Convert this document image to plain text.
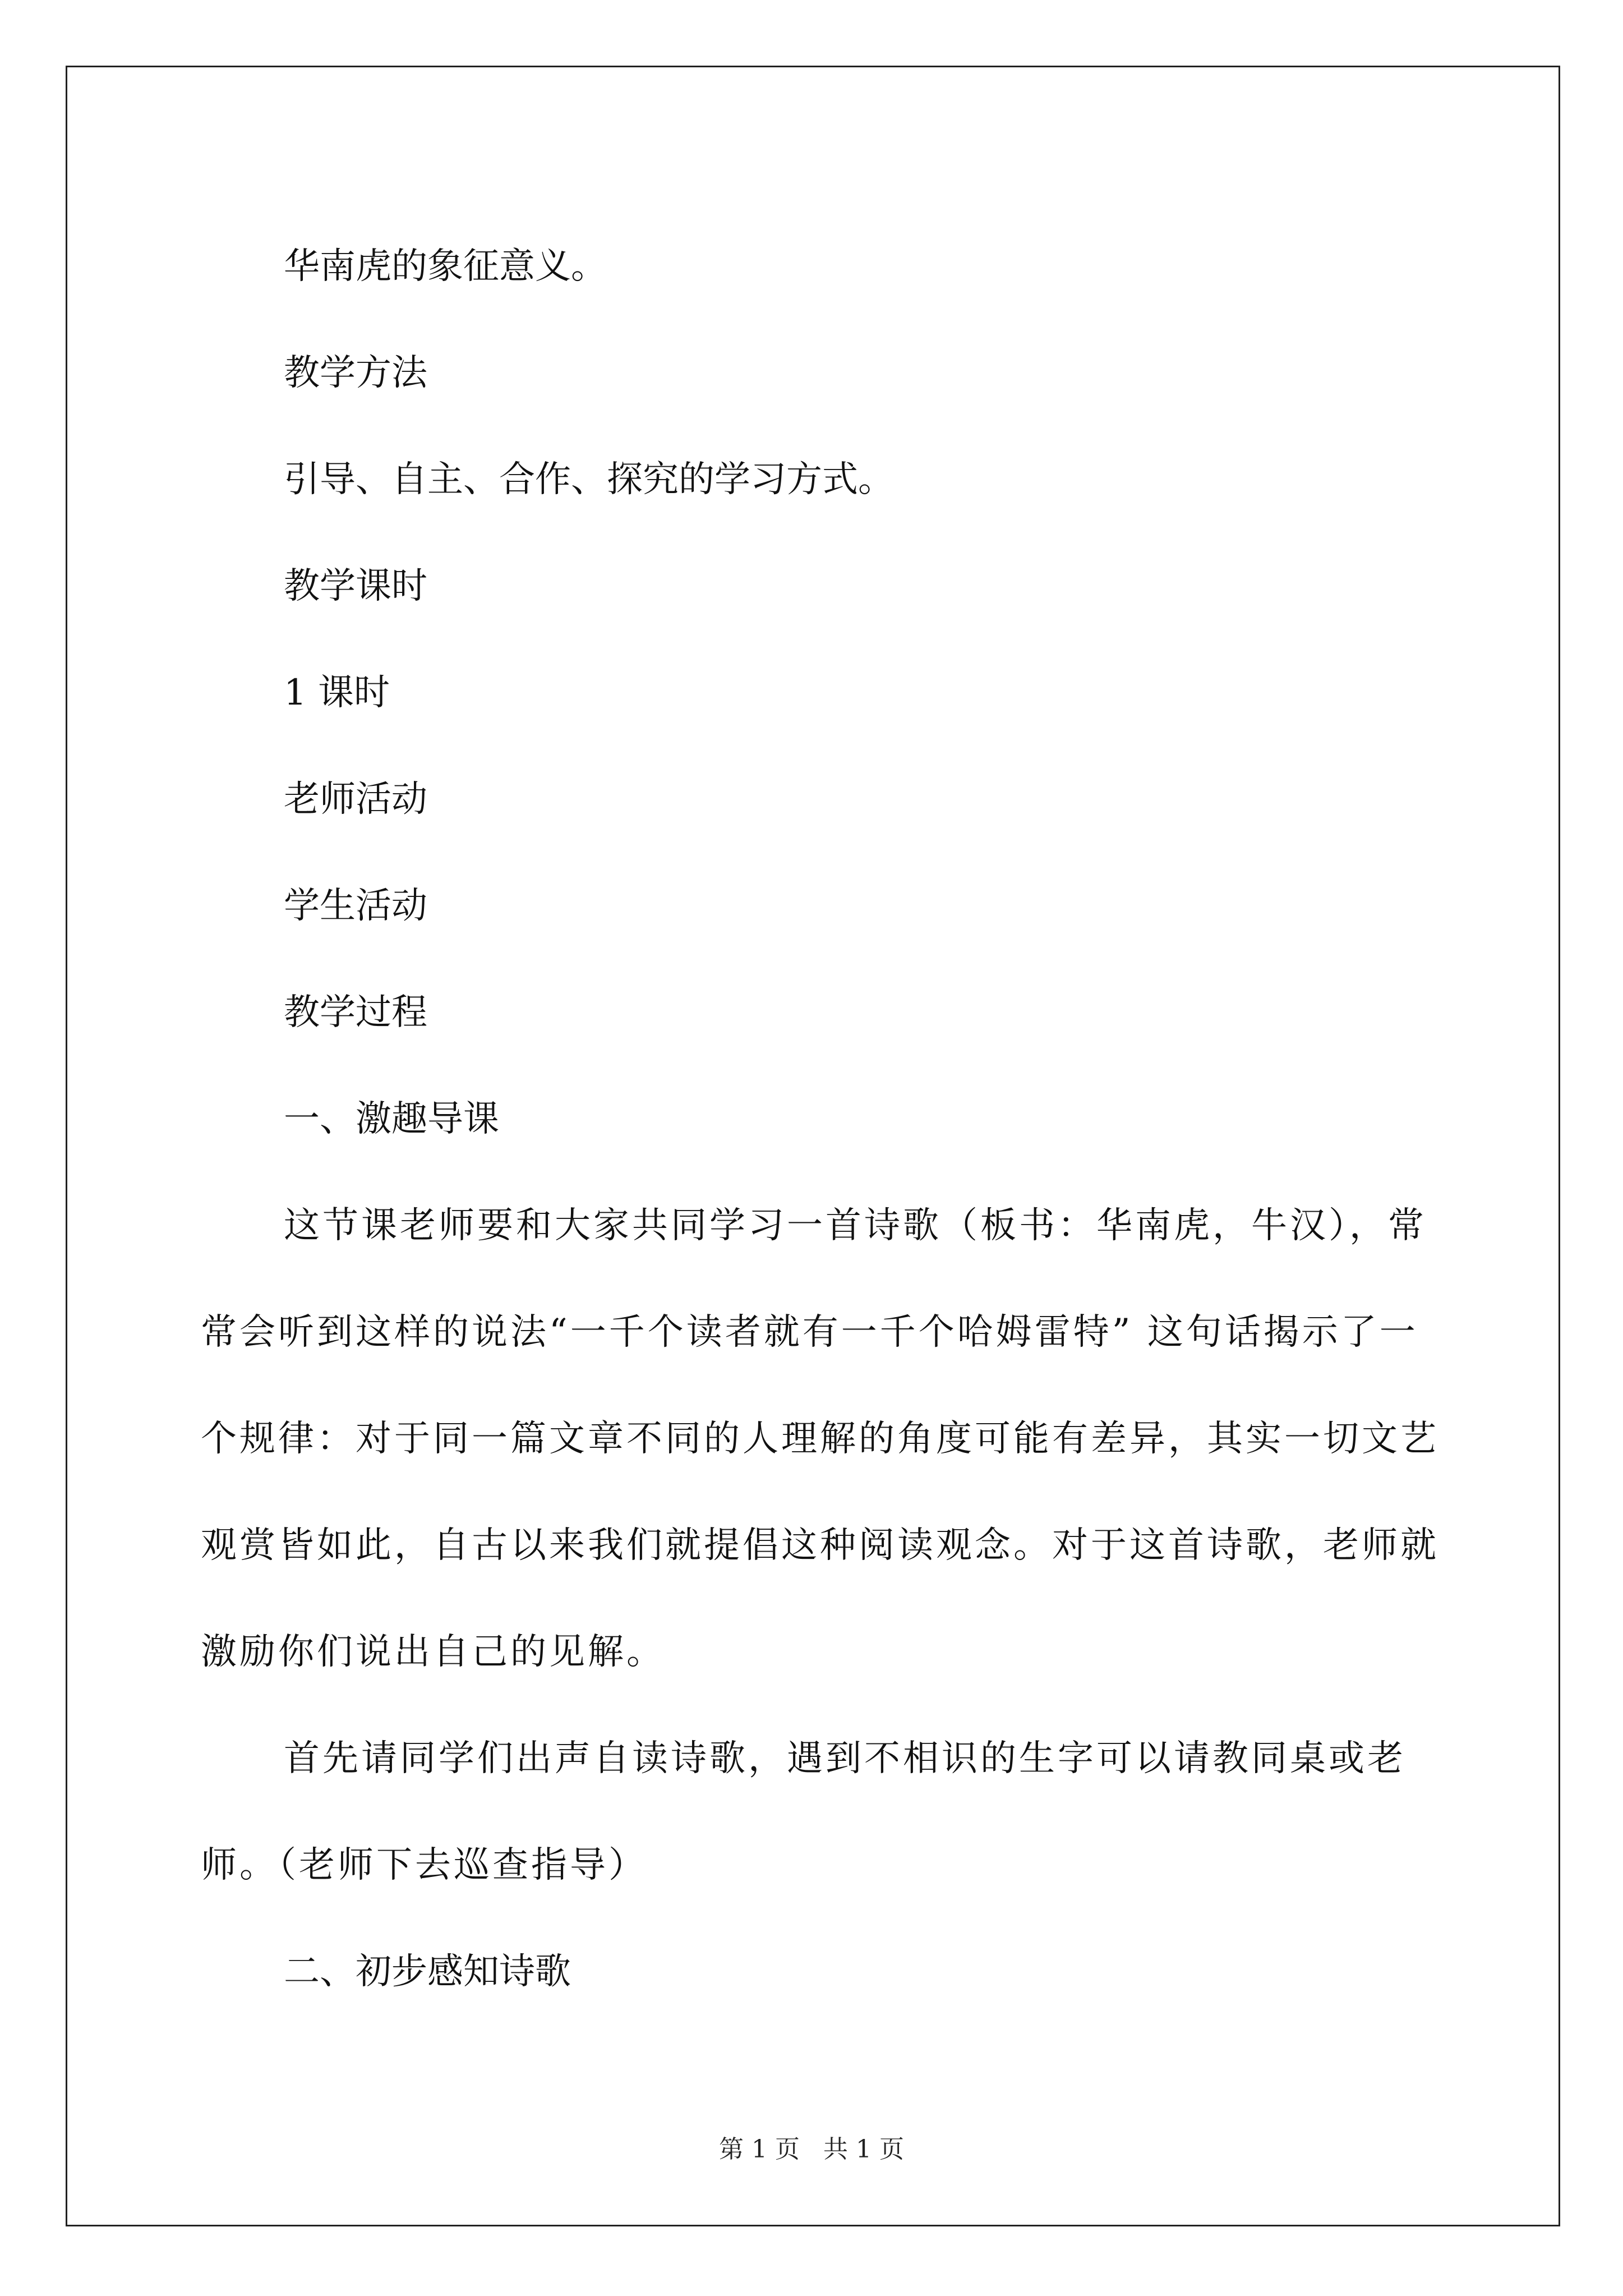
华南虎的象征意义。

教学方法

引导、自主、合作、探究的学习方式。

教学课时

1 课时

老师活动

学生活动

教学过程

一、激趣导课

这节课老师要和大家共同学习一首诗歌（板书：华南虎，牛汉），常常会听到这样的说法“一千个读者就有一千个哈姆雷特” 这句话揭示了一个规律：对于同一篇文章不同的人理解的角度可能有差异，其实一切文艺观赏皆如此，自古以来我们就提倡这种阅读观念。对于这首诗歌，老师就激励你们说出自己的见解。

首先请同学们出声自读诗歌，遇到不相识的生字可以请教同桌或老师。（老师下去巡查指导）

二、初步感知诗歌

第 1 页 共 1 页
